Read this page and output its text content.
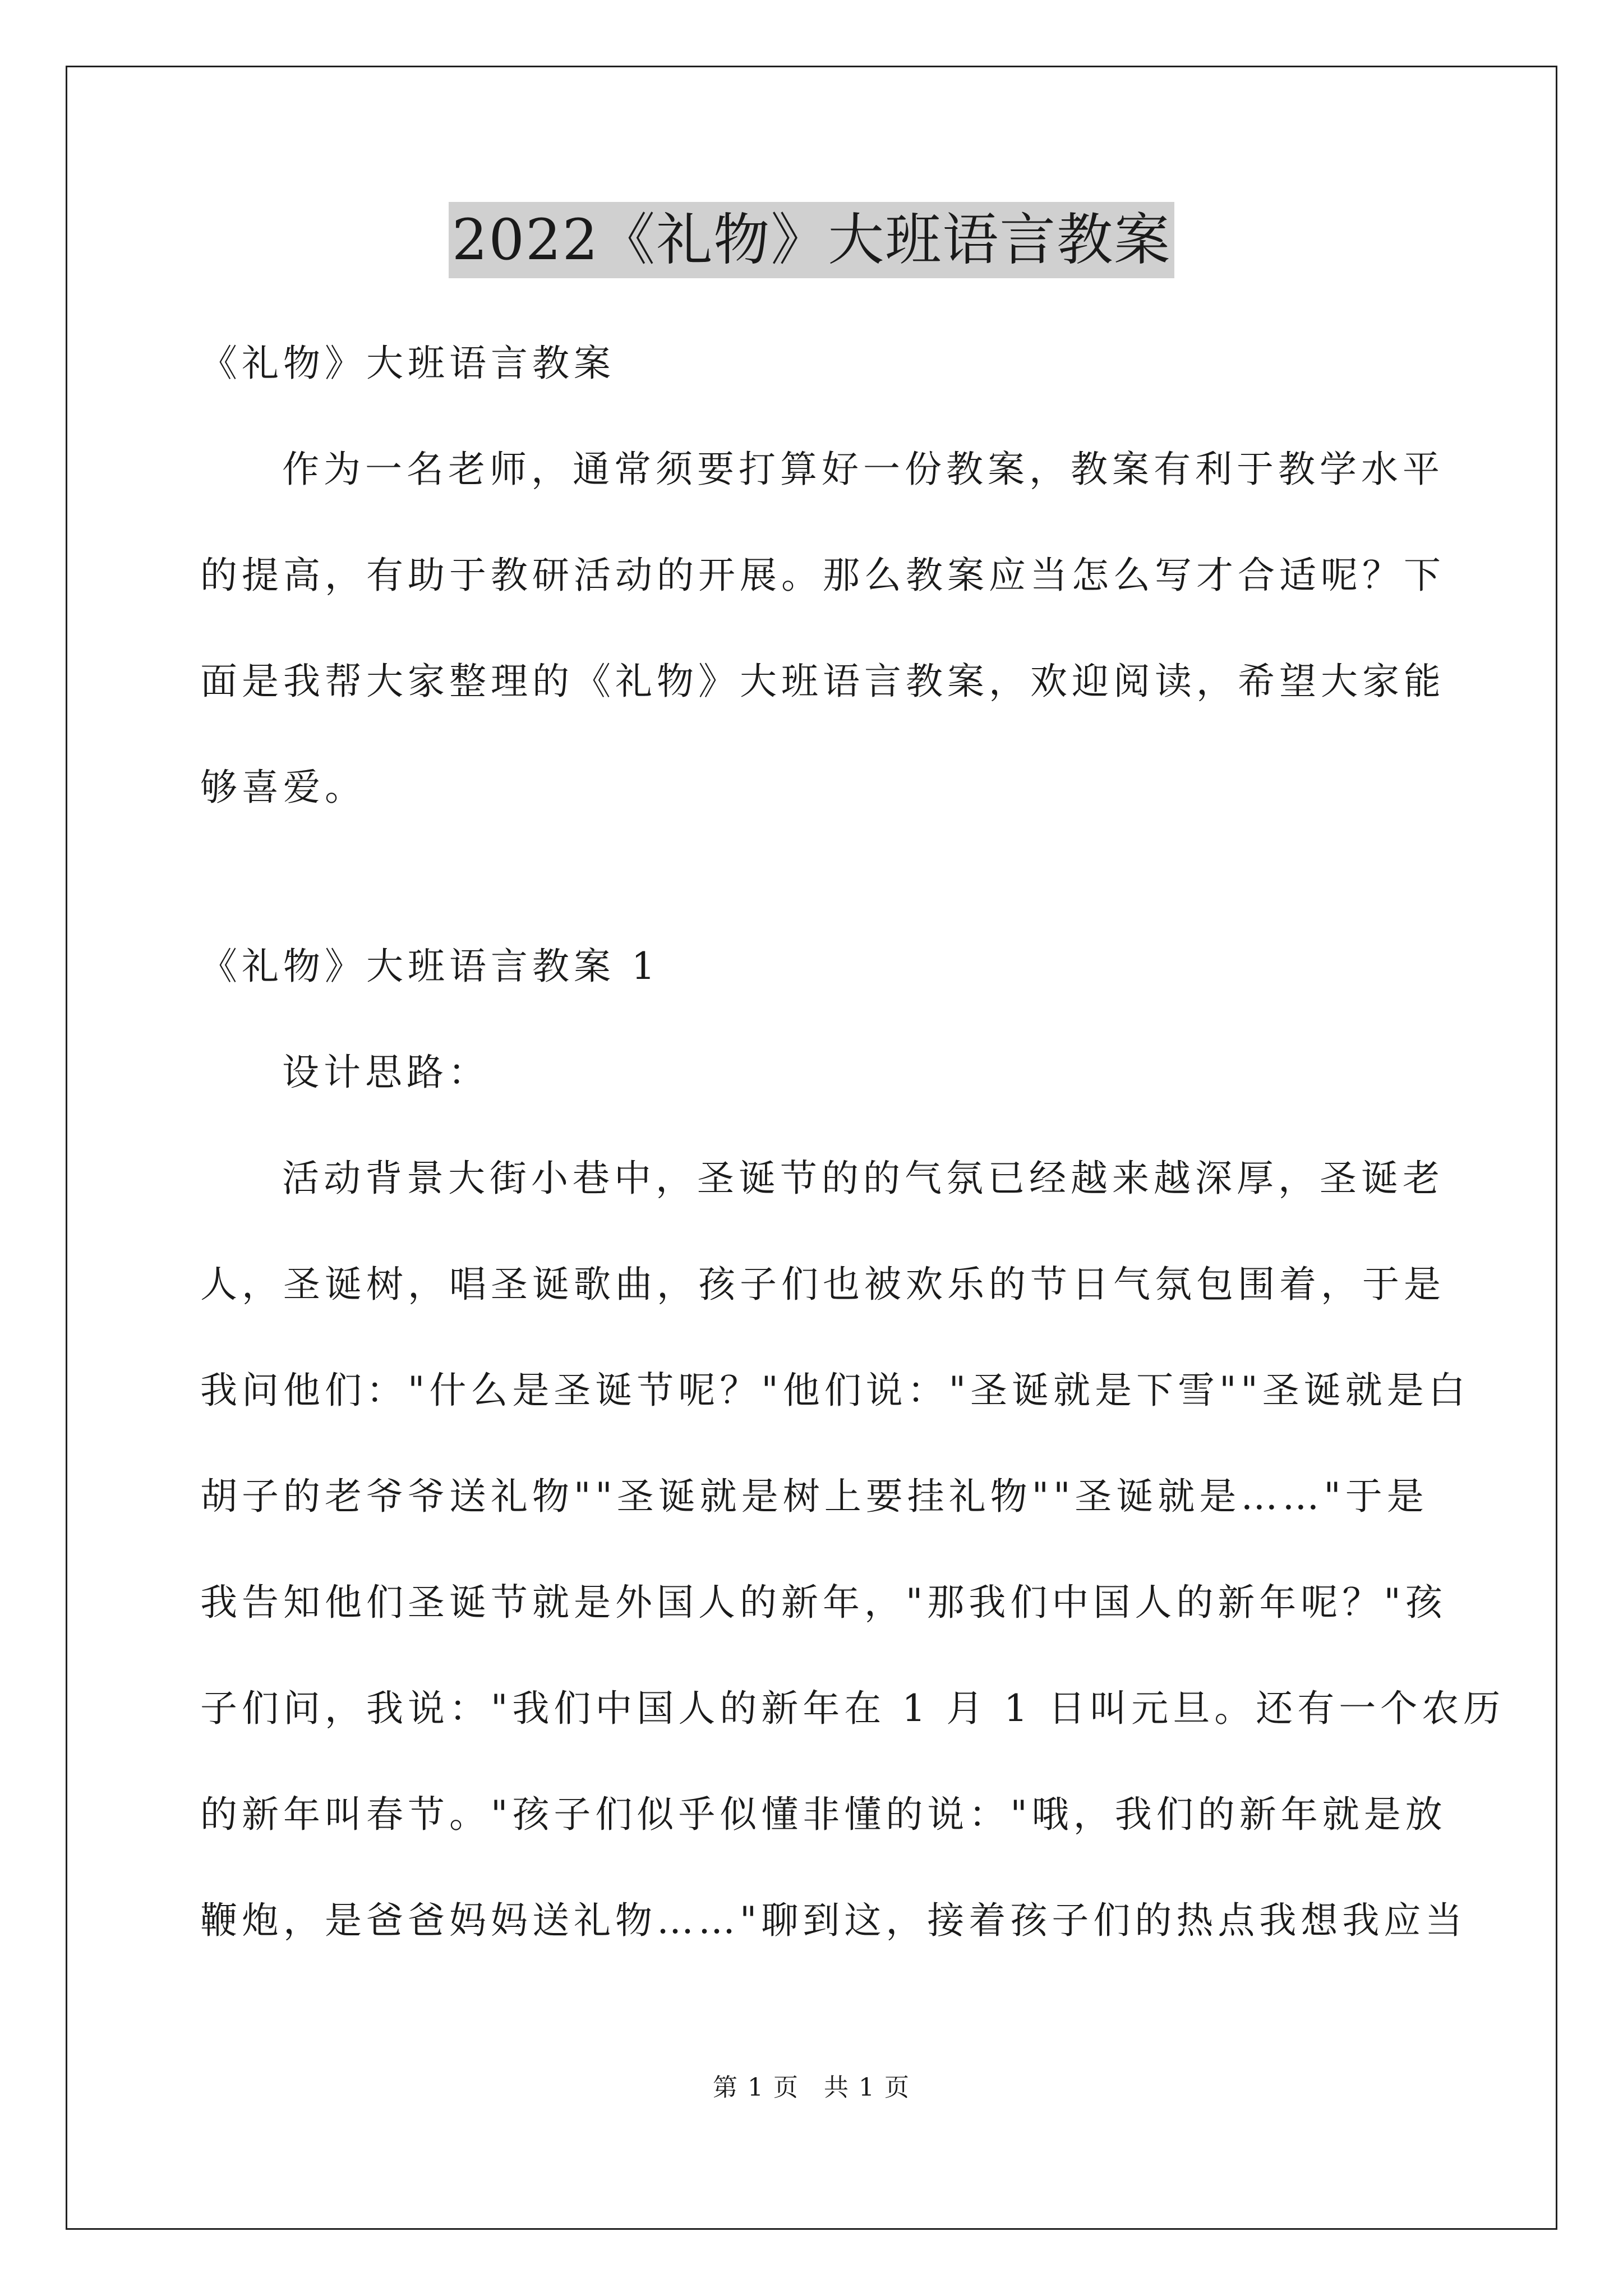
2022《礼物》大班语言教案
《礼物》大班语言教案
作为一名老师，通常须要打算好一份教案，教案有利于教学水平
的提高，有助于教研活动的开展。那么教案应当怎么写才合适呢？下
面是我帮大家整理的《礼物》大班语言教案，欢迎阅读，希望大家能
够喜爱。
《礼物》大班语言教案 1
设计思路：
活动背景大街小巷中，圣诞节的的气氛已经越来越深厚，圣诞老
人，圣诞树，唱圣诞歌曲，孩子们也被欢乐的节日气氛包围着，于是
我问他们："什么是圣诞节呢？"他们说："圣诞就是下雪""圣诞就是白
胡子的老爷爷送礼物""圣诞就是树上要挂礼物""圣诞就是……"于是
我告知他们圣诞节就是外国人的新年，"那我们中国人的新年呢？"孩
子们问，我说："我们中国人的新年在 1 月 1 日叫元旦。还有一个农历
的新年叫春节。"孩子们似乎似懂非懂的说："哦，我们的新年就是放
鞭炮，是爸爸妈妈送礼物……"聊到这，接着孩子们的热点我想我应当
第 1 页 共 1 页
